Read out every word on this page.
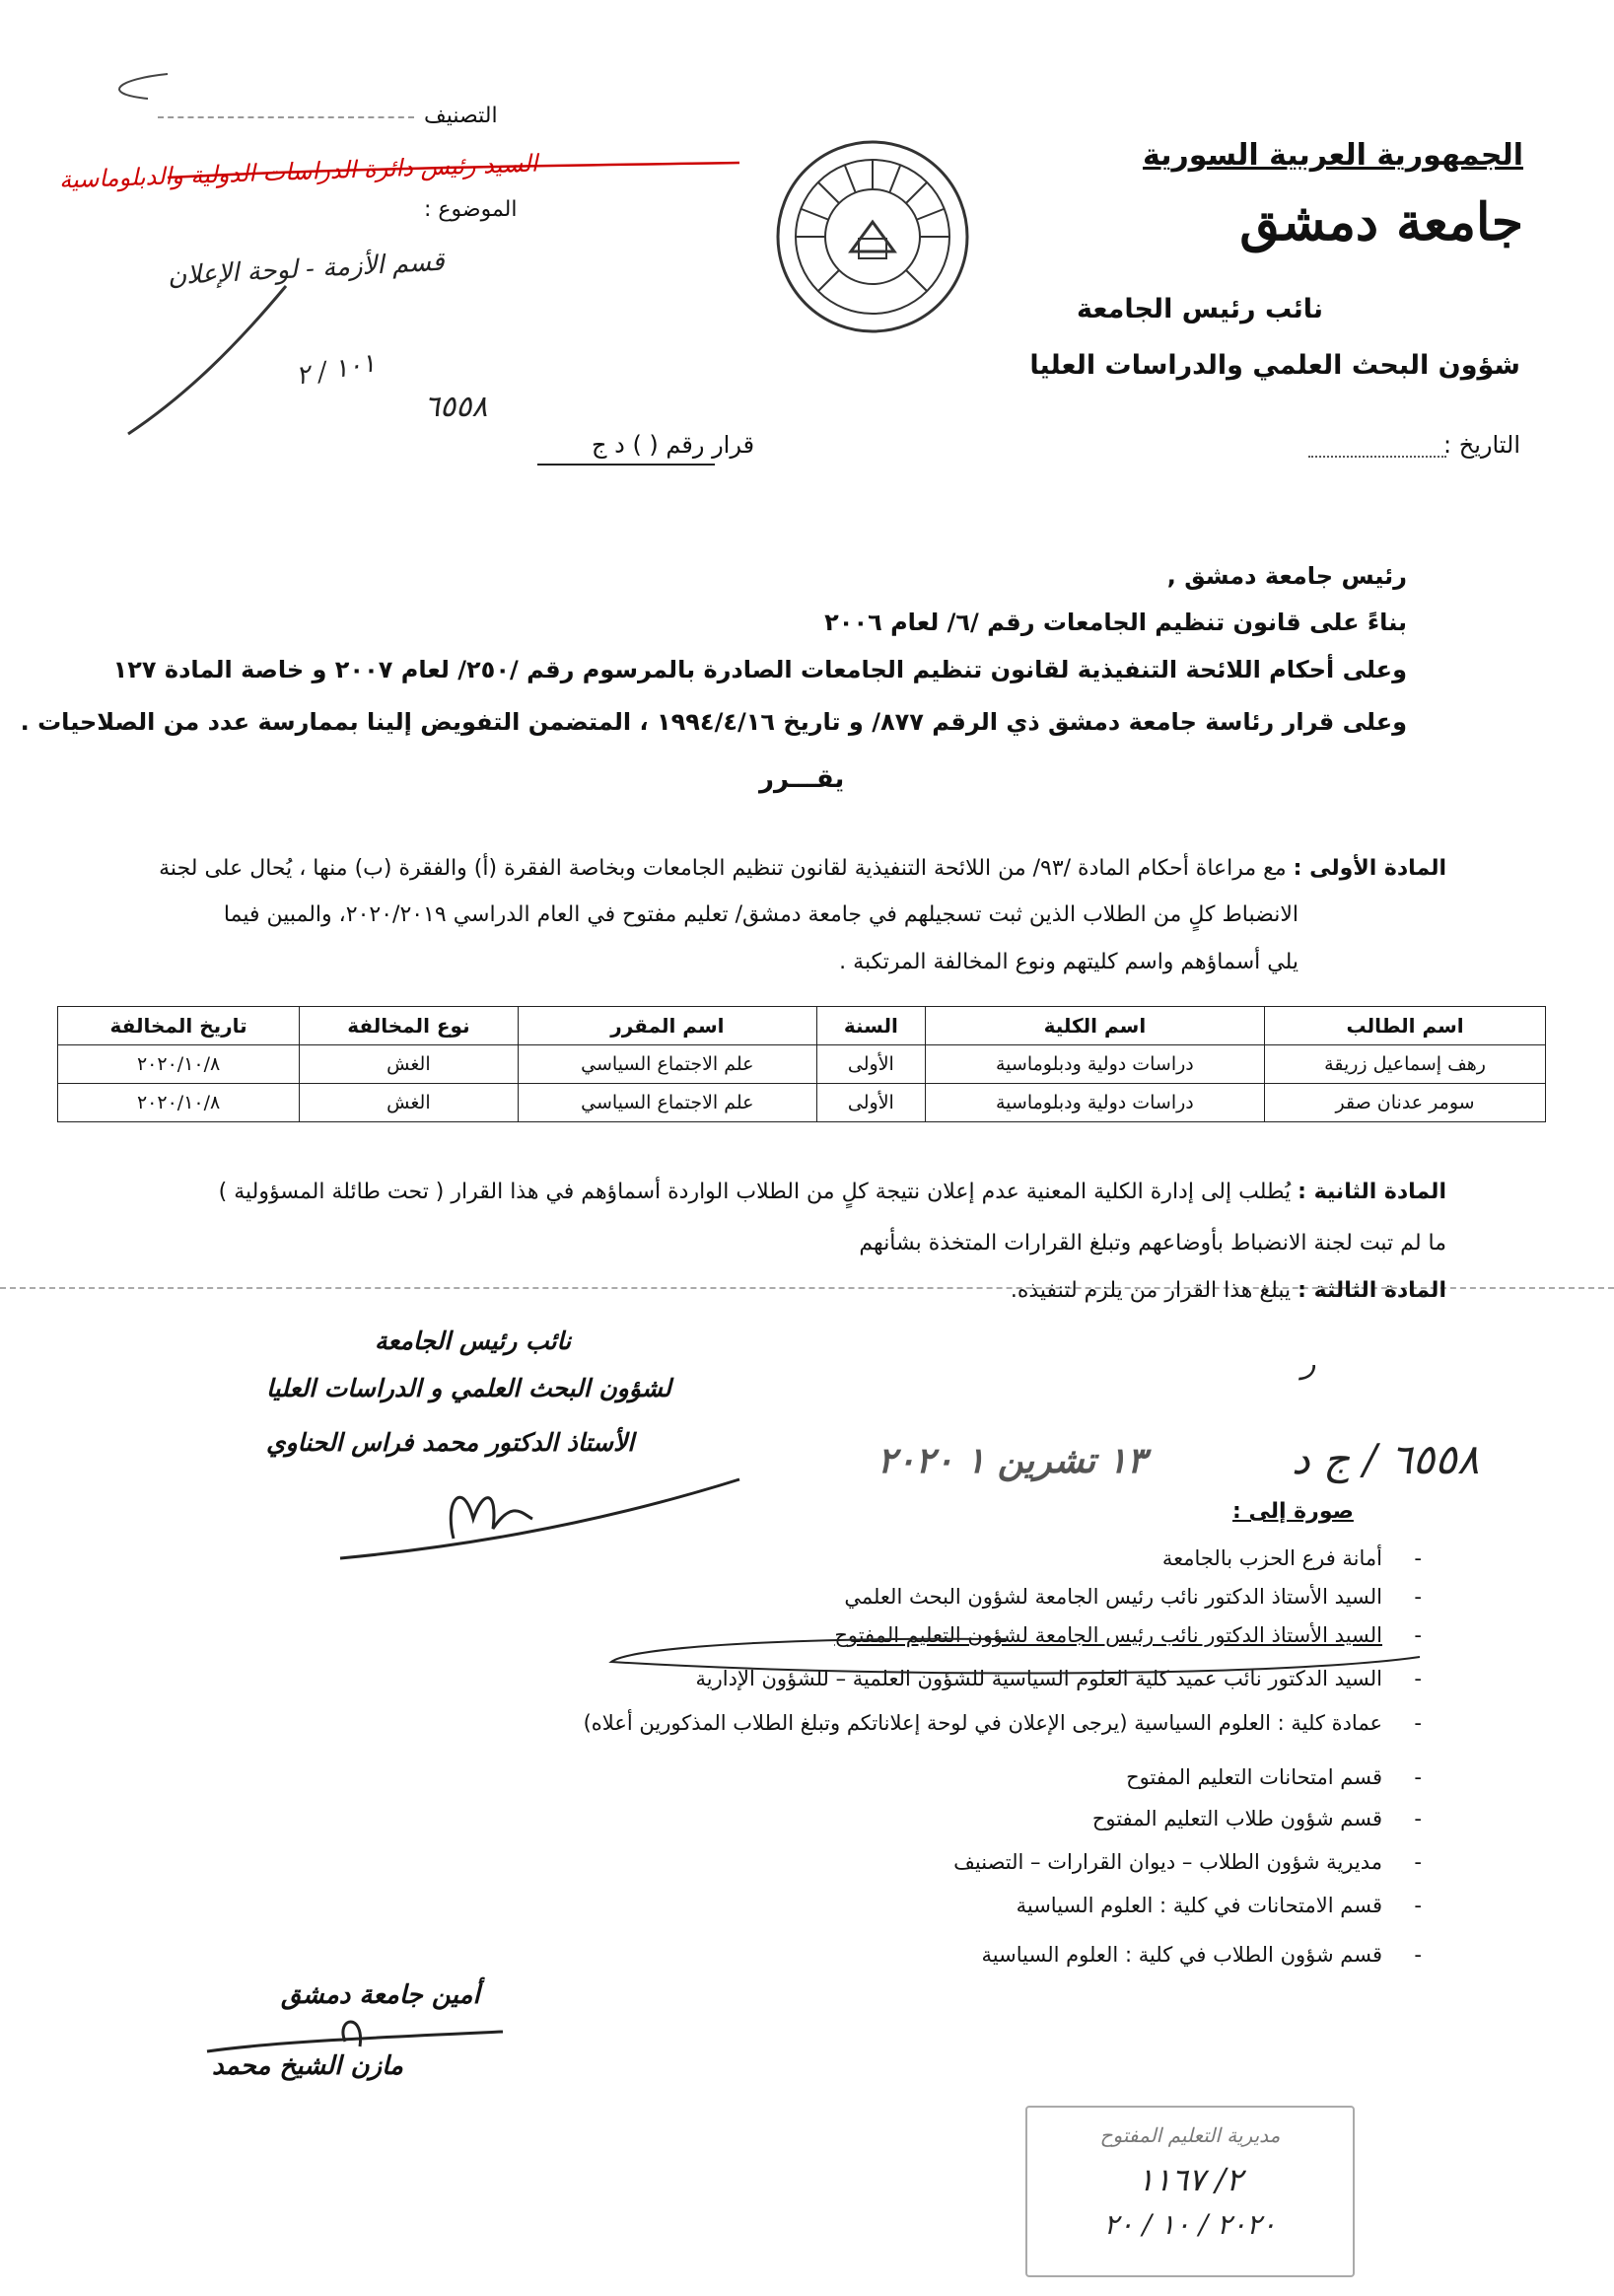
الجمهورية العربية السورية
جامعة دمشق
نائب رئيس الجامعة
شؤون البحث العلمي والدراسات العليا
التاريخ :
التصنيف
السيد رئيس دائرة الدراسات الدولية والدبلوماسية
الموضوع :
قسم الأزمة - لوحة الإعلان
٦٥٥٨
قرار رقم ( ) د ج
١٠١ / ٢
رئيس جامعة دمشق ,
بناءً على قانون تنظيم الجامعات رقم /٦/ لعام ٢٠٠٦
وعلى أحكام اللائحة التنفيذية لقانون تنظيم الجامعات الصادرة بالمرسوم رقم /٢٥٠/ لعام ٢٠٠٧ و خاصة المادة ١٢٧
وعلى قرار رئاسة جامعة دمشق ذي الرقم ٨٧٧/ و تاريخ ١٩٩٤/٤/١٦ ، المتضمن التفويض إلينا بممارسة عدد من الصلاحيات .
يقـــرر
المادة الأولى : مع مراعاة أحكام المادة /٩٣/ من اللائحة التنفيذية لقانون تنظيم الجامعات وبخاصة الفقرة (أ) والفقرة (ب) منها ، يُحال على لجنة
الانضباط كلٍ من الطلاب الذين ثبت تسجيلهم في جامعة دمشق/ تعليم مفتوح في العام الدراسي ٢٠٢٠/٢٠١٩، والمبين فيما
يلي أسماؤهم واسم كليتهم ونوع المخالفة المرتكبة .
اسم الطالب	اسم الكلية	السنة	اسم المقرر	نوع المخالفة	تاريخ المخالفة
رهف إسماعيل زريقة	دراسات دولية ودبلوماسية	الأولى	علم الاجتماع السياسي	الغش	٢٠٢٠/١٠/٨
سومر عدنان صقر	دراسات دولية ودبلوماسية	الأولى	علم الاجتماع السياسي	الغش	٢٠٢٠/١٠/٨
المادة الثانية : يُطلب إلى إدارة الكلية المعنية عدم إعلان نتيجة كلٍ من الطلاب الواردة أسماؤهم في هذا القرار ( تحت طائلة المسؤولية )
ما لم تبت لجنة الانضباط بأوضاعهم وتبلغ القرارات المتخذة بشأنهم
المادة الثالثة : يبلغ هذا القرار من يلزم لتنفيذه.
نائب رئيس الجامعة
لشؤون البحث العلمي و الدراسات العليا
الأستاذ الدكتور محمد فراس الحناوي	١٣ تشرين ١ ٢٠٢٠	٦٥٥٨ / ج د
ر
صورة إلى :
- أمانة فرع الحزب بالجامعة
- السيد الأستاذ الدكتور نائب رئيس الجامعة لشؤون البحث العلمي
- السيد الأستاذ الدكتور نائب رئيس الجامعة لشؤون التعليم المفتوح
- السيد الدكتور نائب عميد كلية العلوم السياسية للشؤون العلمية – للشؤون الإدارية
- عمادة كلية : العلوم السياسية (يرجى الإعلان في لوحة إعلاناتكم وتبلغ الطلاب المذكورين أعلاه)
- قسم امتحانات التعليم المفتوح
- قسم شؤون طلاب التعليم المفتوح
- مديرية شؤون الطلاب – ديوان القرارات – التصنيف
- قسم الامتحانات في كلية : العلوم السياسية
- قسم شؤون الطلاب في كلية : العلوم السياسية
أمين جامعة دمشق
مازن الشيخ محمد
مديرية التعليم المفتوح
٢/ ١١٦٧
٢٠٢٠ / ١٠ / ٢٠
